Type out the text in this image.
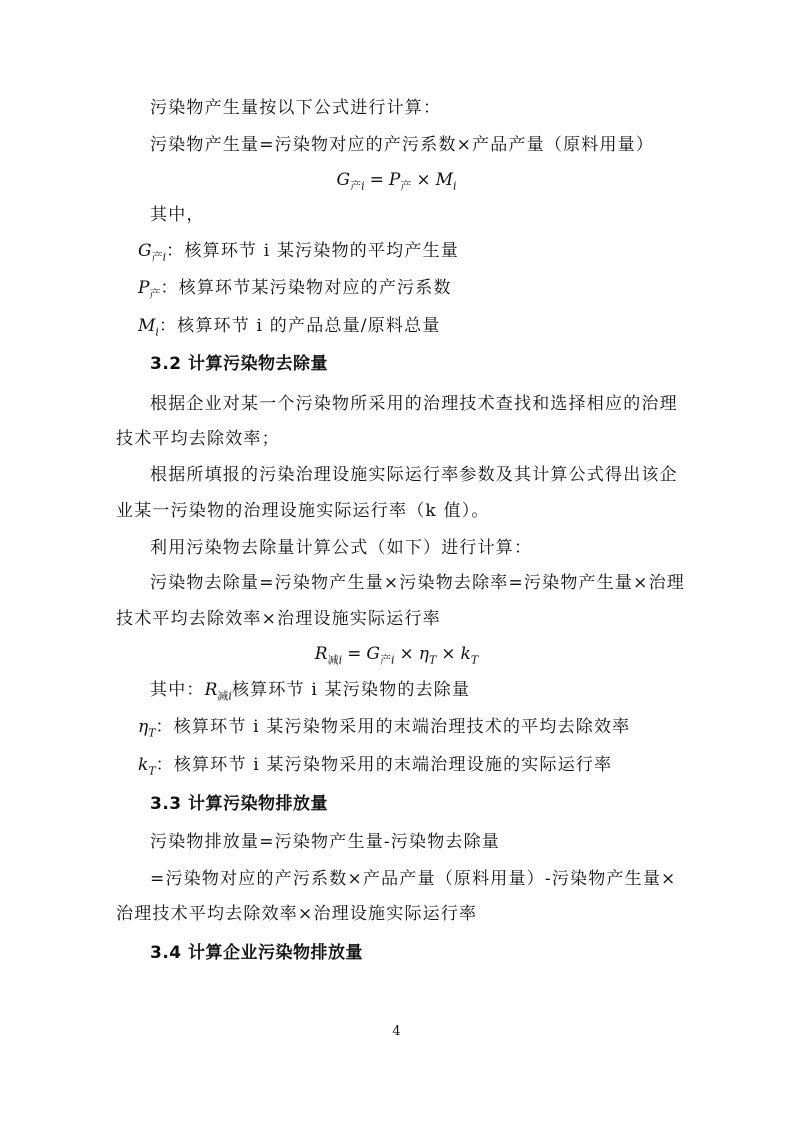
污染物产生量按以下公式进行计算：
污染物产生量=污染物对应的产污系数×产品产量（原料用量）
$G_{产i} = P_产 \times M_i$
其中，
$G_{产i}$：核算环节 i 某污染物的平均产生量
$P_产$：核算环节某污染物对应的产污系数
$M_i$：核算环节 i 的产品总量/原料总量
3.2 计算污染物去除量
根据企业对某一个污染物所采用的治理技术查找和选择相应的治理
技术平均去除效率；
根据所填报的污染治理设施实际运行率参数及其计算公式得出该企
业某一污染物的治理设施实际运行率（k 值）。
利用污染物去除量计算公式（如下）进行计算：
污染物去除量=污染物产生量×污染物去除率=污染物产生量×治理
技术平均去除效率×治理设施实际运行率
$R_{减i} = G_{产i} \times \eta_T \times k_T$
其中：$R_{减i}$核算环节 i 某污染物的去除量
$\eta_T$：核算环节 i 某污染物采用的末端治理技术的平均去除效率
$k_T$：核算环节 i 某污染物采用的末端治理设施的实际运行率
3.3 计算污染物排放量
污染物排放量=污染物产生量-污染物去除量
=污染物对应的产污系数×产品产量（原料用量）-污染物产生量×
治理技术平均去除效率×治理设施实际运行率
3.4 计算企业污染物排放量
4
